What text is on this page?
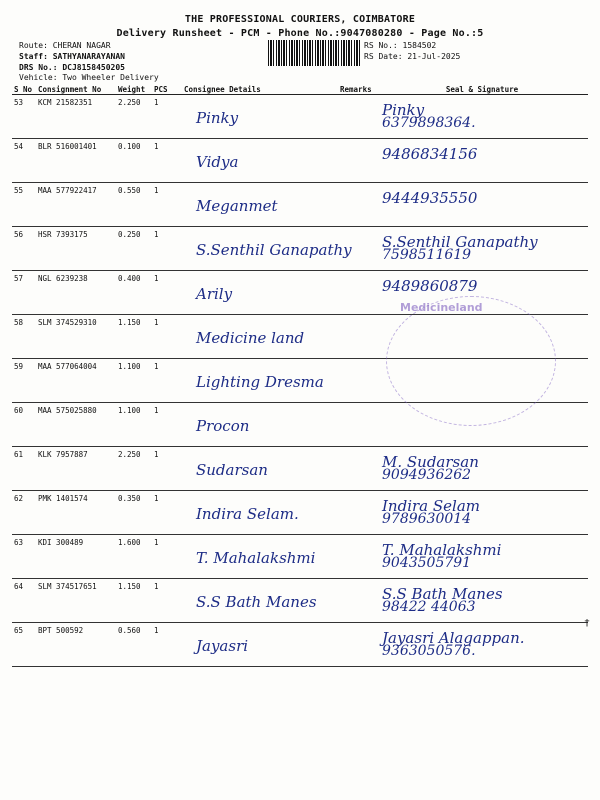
THE PROFESSIONAL COURIERS, COIMBATORE
Delivery Runsheet - PCM - Phone No.:9047080280 - Page No.:5
Route: CHERAN NAGAR
Staff: SATHYANARAYANAN
DRS No.: DCJ8158450205
Vehicle: Two Wheeler Delivery
RS No.: 1584502
RS Date: 21-Jul-2025
S No	Consignment No	Weight	PCS	Consignee Details	Remarks	Seal & Signature
53	KCM 21582351	2.250	1	Pinky		Pinky
6379898364.

54	BLR 516001401	0.100	1	Vidya		9486834156

55	MAA 577922417	0.550	1	Meganmet		9444935550

56	HSR 7393175	0.250	1	S.Senthil Ganapathy		S.Senthil Ganapathy
7598511619

57	NGL 6239238	0.400	1	Arily		9489860879

58	SLM 374529310	1.150	1	Medicine land		

59	MAA 577064004	1.100	1	Lighting Dresma		

60	MAA 575025880	1.100	1	Procon		

61	KLK 7957887	2.250	1	Sudarsan		M. Sudarsan
9094936262

62	PMK 1401574	0.350	1	Indira Selam.		Indira Selam
9789630014

63	KDI 300489	1.600	1	T. Mahalakshmi		T. Mahalakshmi
9043505791

64	SLM 374517651	1.150	1	S.S Bath Manes		S.S Bath Manes
98422 44063

65	BPT 500592	0.560	1	Jayasri		Jayasri Alagappan.
9363050576.
Medicineland
†
